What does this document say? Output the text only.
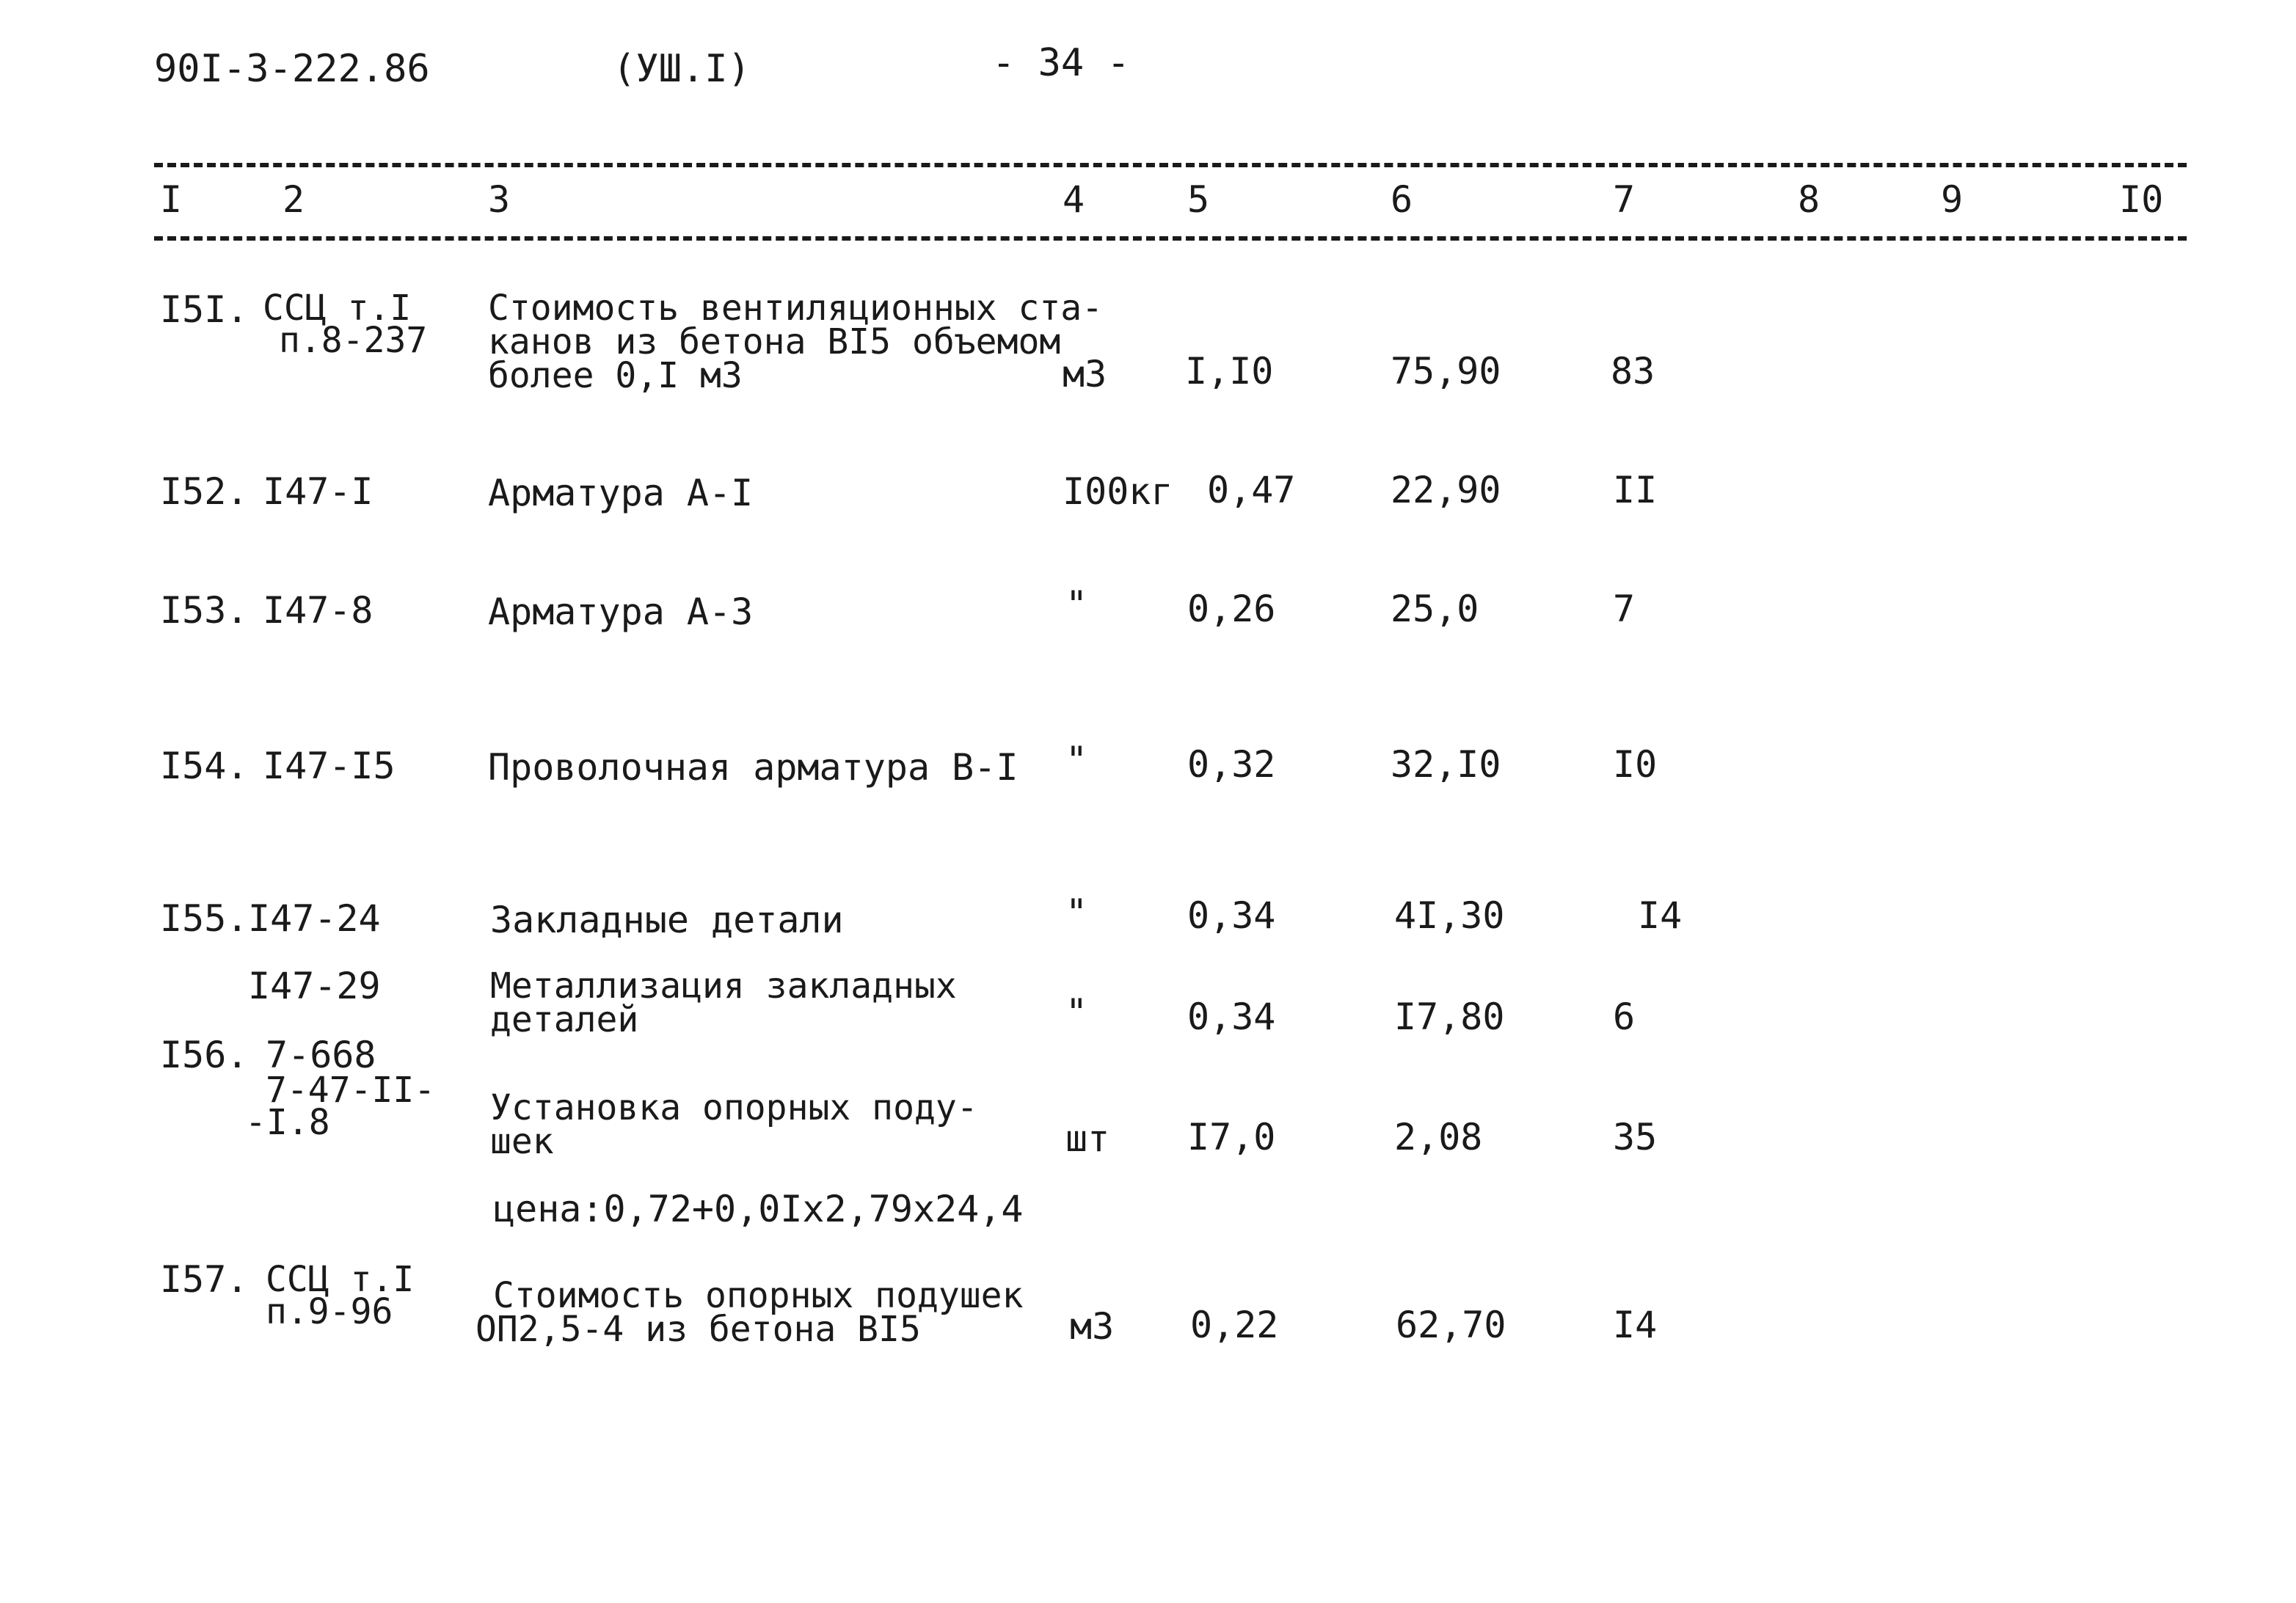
90I-3-222.86	(УШ.I)	- 34 -
I	2	3	4	5	6	7	8	9	I0
I5I. ССЦ т.I
п.8-237
Стоимость вентиляционных ста-
канов из бетона BI5 объемом
более 0,I м3	м3 I,I0	75,90	83
I52. I47-I	Арматура А-I	I00кг 0,47	22,90	II
I53. I47-8	Арматура А-3	"	0,26	25,0	7
I54. I47-I5	Проволочная арматура В-I "	0,32	32,I0	I0
I55. I47-24	Закладные детали	"	0,34	4I,30	I4
I47-29	Металлизация закладных
деталей	"	0,34	I7,80	6
I56. 7-668
7-47-II-
-I.8	Установка опорных поду-
шек	шт I7,0	2,08	35
цена:0,72+0,0Iх2,79х24,4
I57. ССЦ т.I
п.9-96	Стоимость опорных подушек
ОП2,5-4 из бетона BI5	м3 0,22	62,70	I4
